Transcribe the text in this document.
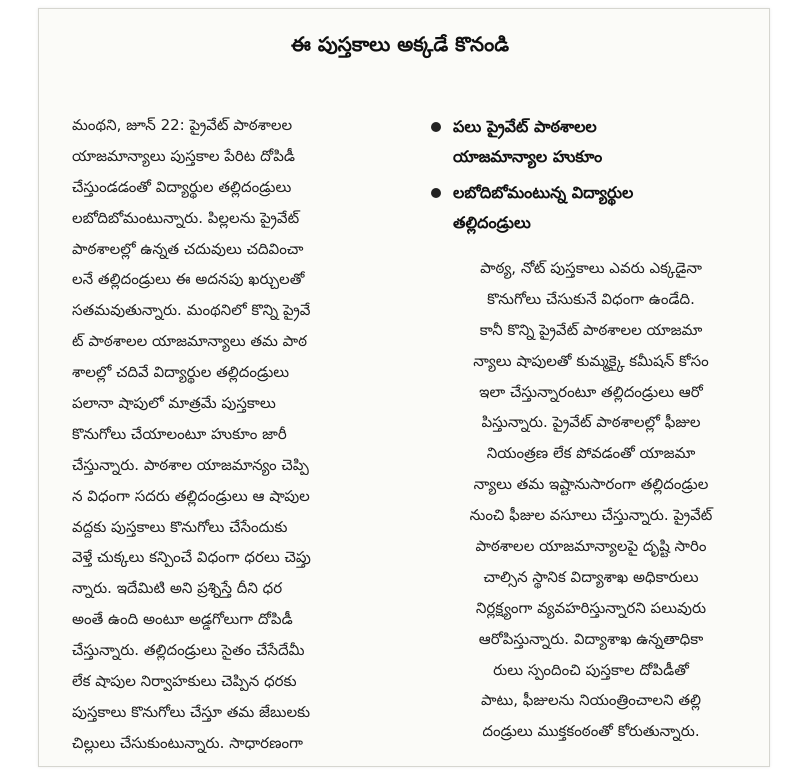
ఈ పుస్తకాలు అక్కడే కొనండి
మంథని, జూన్ 22: ప్రైవేట్ పాఠశాలల
యాజమాన్యాలు పుస్తకాల పేరిట దోపిడీ
చేస్తుండడంతో విద్యార్థుల తల్లిదండ్రులు
లబోదిబోమంటున్నారు. పిల్లలను ప్రైవేట్
పాఠశాలల్లో ఉన్నత చదువులు చదివించా
లనే తల్లిదండ్రులు ఈ అదనపు ఖర్చులతో
సతమవుతున్నారు. మంథనిలో కొన్ని ప్రైవే
ట్ పాఠశాలల యాజమాన్యాలు తమ పాఠ
శాలల్లో చదివే విద్యార్థుల తల్లిదండ్రులు
పలానా షాపులో మాత్రమే పుస్తకాలు
కొనుగోలు చేయాలంటూ హుకూం జారీ
చేస్తున్నారు. పాఠశాల యాజమాన్యం చెప్పి
న విధంగా సదరు తల్లిదండ్రులు ఆ షాపుల
వద్దకు పుస్తకాలు కొనుగోలు చేసేందుకు
వెళ్తే చుక్కలు కన్పించే విధంగా ధరలు చెప్తు
న్నారు. ఇదేమిటి అని ప్రశ్నిస్తే దీని ధర
అంతే ఉంది అంటూ అడ్డగోలుగా దోపిడీ
చేస్తున్నారు. తల్లిదండ్రులు సైతం చేసేదేమీ
లేక షాపుల నిర్వాహకులు చెప్పిన ధరకు
పుస్తకాలు కొనుగోలు చేస్తూ తమ జేబులకు
చిల్లులు చేసుకుంటున్నారు. సాధారణంగా
పలు ప్రైవేట్ పాఠశాలల
యాజమాన్యాల హుకూం
లబోదిబోమంటున్న విద్యార్థుల
తల్లిదండ్రులు
పాఠ్య, నోట్ పుస్తకాలు ఎవరు ఎక్కడైనా
కొనుగోలు చేసుకునే విధంగా ఉండేది.
కానీ కొన్ని ప్రైవేట్ పాఠశాలల యాజమా
న్యాలు షాపులతో కుమ్మక్కై కమీషన్ కోసం
ఇలా చేస్తున్నారంటూ తల్లిదండ్రులు ఆరో
పిస్తున్నారు. ప్రైవేట్ పాఠశాలల్లో ఫీజుల
నియంత్రణ లేక పోవడంతో యాజమా
న్యాలు తమ ఇష్టానుసారంగా తల్లిదండ్రుల
నుంచి ఫీజుల వసూలు చేస్తున్నారు. ప్రైవేట్
పాఠశాలల యాజమాన్యాలపై దృష్టి సారిం
చాల్సిన స్థానిక విద్యాశాఖ అధికారులు
నిర్లక్ష్యంగా వ్యవహరిస్తున్నారని పలువురు
ఆరోపిస్తున్నారు. విద్యాశాఖ ఉన్నతాధికా
రులు స్పందించి పుస్తకాల దోపిడీతో
పాటు, ఫీజులను నియంత్రించాలని తల్లి
దండ్రులు ముక్తకంఠంతో కోరుతున్నారు.
